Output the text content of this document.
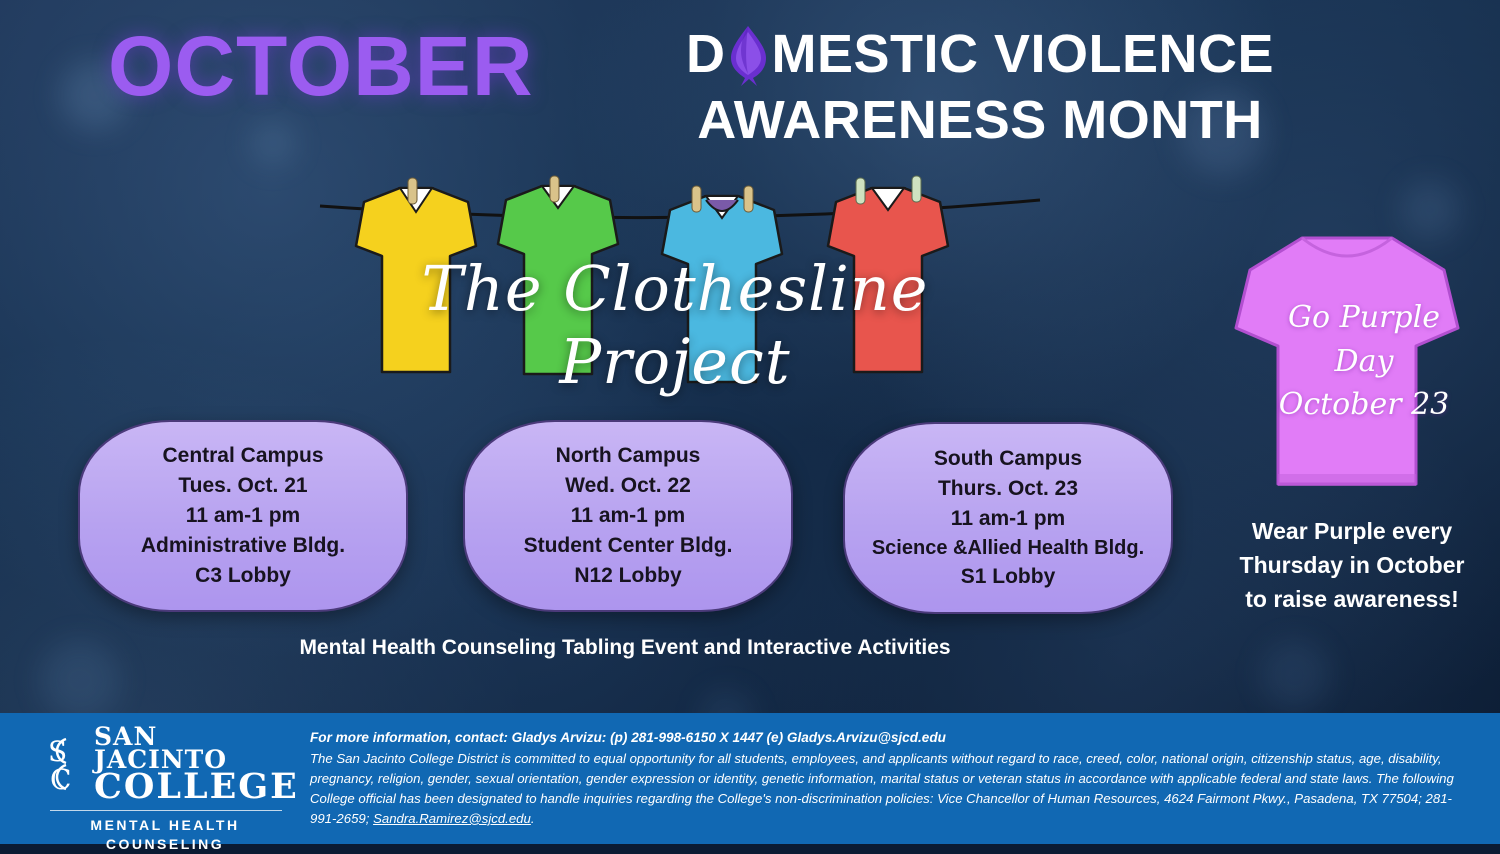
OCTOBER	D MESTIC VIOLENCE
AWARENESS MONTH
The Clothesline Project
Go Purple
Day
October 23
Wear Purple every
Thursday in October
to raise awareness!
Central Campus
Tues. Oct. 21
11 am-1 pm
Administrative Bldg.
C3 Lobby
North Campus
Wed. Oct. 22
11 am-1 pm
Student Center Bldg.
N12 Lobby
South Campus
Thurs. Oct. 23
11 am-1 pm
Science &Allied Health Bldg.
S1 Lobby
Mental Health Counseling Tabling Event and Interactive Activities
S
C
SAN JACINTO
COLLEGE
MENTAL HEALTH
COUNSELING
For more information, contact: Gladys Arvizu: (p) 281-998-6150 X 1447 (e) Gladys.Arvizu@sjcd.edu
The San Jacinto College District is committed to equal opportunity for all students, employees, and applicants without regard to race, creed, color, national origin, citizenship status, age, disability, pregnancy, religion, gender, sexual orientation, gender expression or identity, genetic information, marital status or veteran status in accordance with applicable federal and state laws. The following College official has been designated to handle inquiries regarding the College's non-discrimination policies: Vice Chancellor of Human Resources, 4624 Fairmont Pkwy., Pasadena, TX 77504; 281-991-2659; Sandra.Ramirez@sjcd.edu.
